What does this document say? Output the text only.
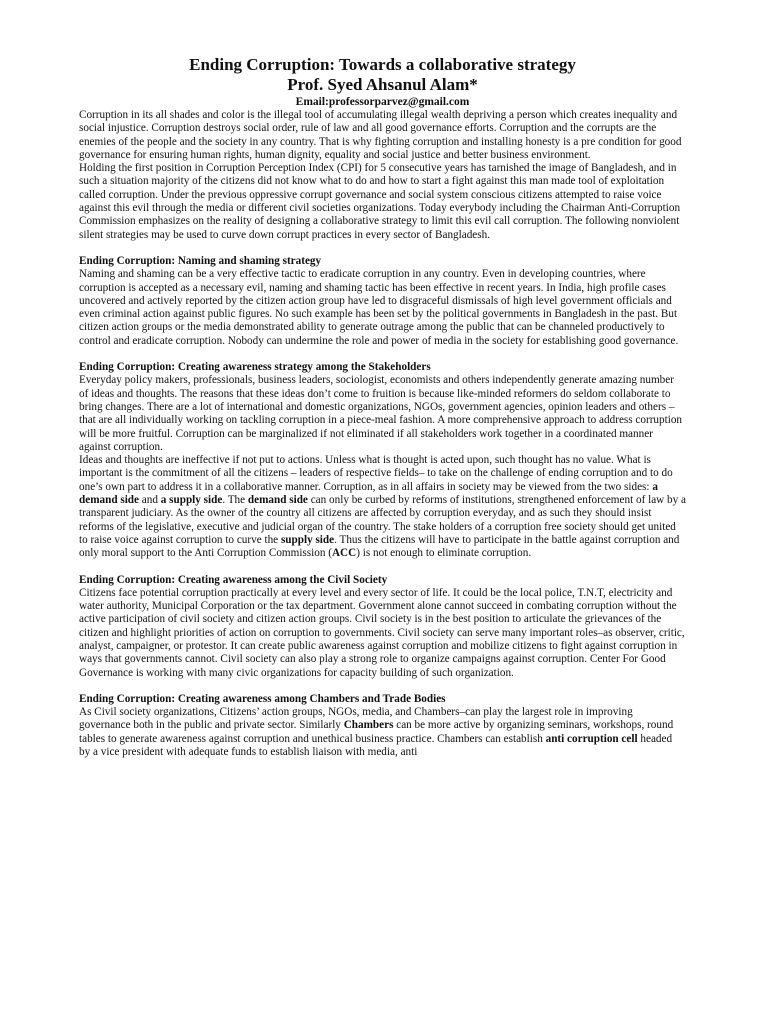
Ending Corruption: Towards a collaborative strategy
Prof. Syed Ahsanul Alam*
Email:professorparvez@gmail.com

Corruption in its all shades and color is the illegal tool of accumulating illegal wealth depriving a person which creates inequality and social injustice. Corruption destroys social order, rule of law and all good governance efforts. Corruption and the corrupts are the enemies of the people and the society in any country. That is why fighting corruption and installing honesty is a pre condition for good governance for ensuring human rights, human dignity, equality and social justice and better business environment.

Holding the first position in Corruption Perception Index (CPI) for 5 consecutive years has tarnished the image of Bangladesh, and in such a situation majority of the citizens did not know what to do and how to start a fight against this man made tool of exploitation called corruption. Under the previous oppressive corrupt governance and social system conscious citizens attempted to raise voice against this evil through the media or different civil societies organizations. Today everybody including the Chairman Anti-Corruption Commission emphasizes on the reality of designing a collaborative strategy to limit this evil call corruption. The following nonviolent silent strategies may be used to curve down corrupt practices in every sector of Bangladesh.

Ending Corruption: Naming and shaming strategy

Naming and shaming can be a very effective tactic to eradicate corruption in any country. Even in developing countries, where corruption is accepted as a necessary evil, naming and shaming tactic has been effective in recent years. In India, high profile cases uncovered and actively reported by the citizen action group have led to disgraceful dismissals of high level government officials and even criminal action against public figures. No such example has been set by the political governments in Bangladesh in the past. But citizen action groups or the media demonstrated ability to generate outrage among the public that can be channeled productively to control and eradicate corruption. Nobody can undermine the role and power of media in the society for establishing good governance.

Ending Corruption: Creating awareness strategy among the Stakeholders

Everyday policy makers, professionals, business leaders, sociologist, economists and others independently generate amazing number of ideas and thoughts. The reasons that these ideas don’t come to fruition is because like-minded reformers do seldom collaborate to bring changes. There are a lot of international and domestic organizations, NGOs, government agencies, opinion leaders and others – that are all individually working on tackling corruption in a piece-meal fashion. A more comprehensive approach to address corruption will be more fruitful. Corruption can be marginalized if not eliminated if all stakeholders work together in a coordinated manner against corruption.

Ideas and thoughts are ineffective if not put to actions. Unless what is thought is acted upon, such thought has no value. What is important is the commitment of all the citizens – leaders of respective fields– to take on the challenge of ending corruption and to do one’s own part to address it in a collaborative manner. Corruption, as in all affairs in society may be viewed from the two sides: a demand side and a supply side. The demand side can only be curbed by reforms of institutions, strengthened enforcement of law by a transparent judiciary. As the owner of the country all citizens are affected by corruption everyday, and as such they should insist reforms of the legislative, executive and judicial organ of the country. The stake holders of a corruption free society should get united to raise voice against corruption to curve the supply side. Thus the citizens will have to participate in the battle against corruption and only moral support to the Anti Corruption Commission (ACC) is not enough to eliminate corruption.

Ending Corruption: Creating awareness among the Civil Society

Citizens face potential corruption practically at every level and every sector of life. It could be the local police, T.N.T, electricity and water authority, Municipal Corporation or the tax department. Government alone cannot succeed in combating corruption without the active participation of civil society and citizen action groups. Civil society is in the best position to articulate the grievances of the citizen and highlight priorities of action on corruption to governments. Civil society can serve many important roles–as observer, critic, analyst, campaigner, or protestor. It can create public awareness against corruption and mobilize citizens to fight against corruption in ways that governments cannot. Civil society can also play a strong role to organize campaigns against corruption. Center For Good Governance is working with many civic organizations for capacity building of such organization.

Ending Corruption: Creating awareness among Chambers and Trade Bodies

As Civil society organizations, Citizens’ action groups, NGOs, media, and Chambers–can play the largest role in improving governance both in the public and private sector. Similarly Chambers can be more active by organizing seminars, workshops, round tables to generate awareness against corruption and unethical business practice. Chambers can establish anti corruption cell headed by a vice president with adequate funds to establish liaison with media, anti
